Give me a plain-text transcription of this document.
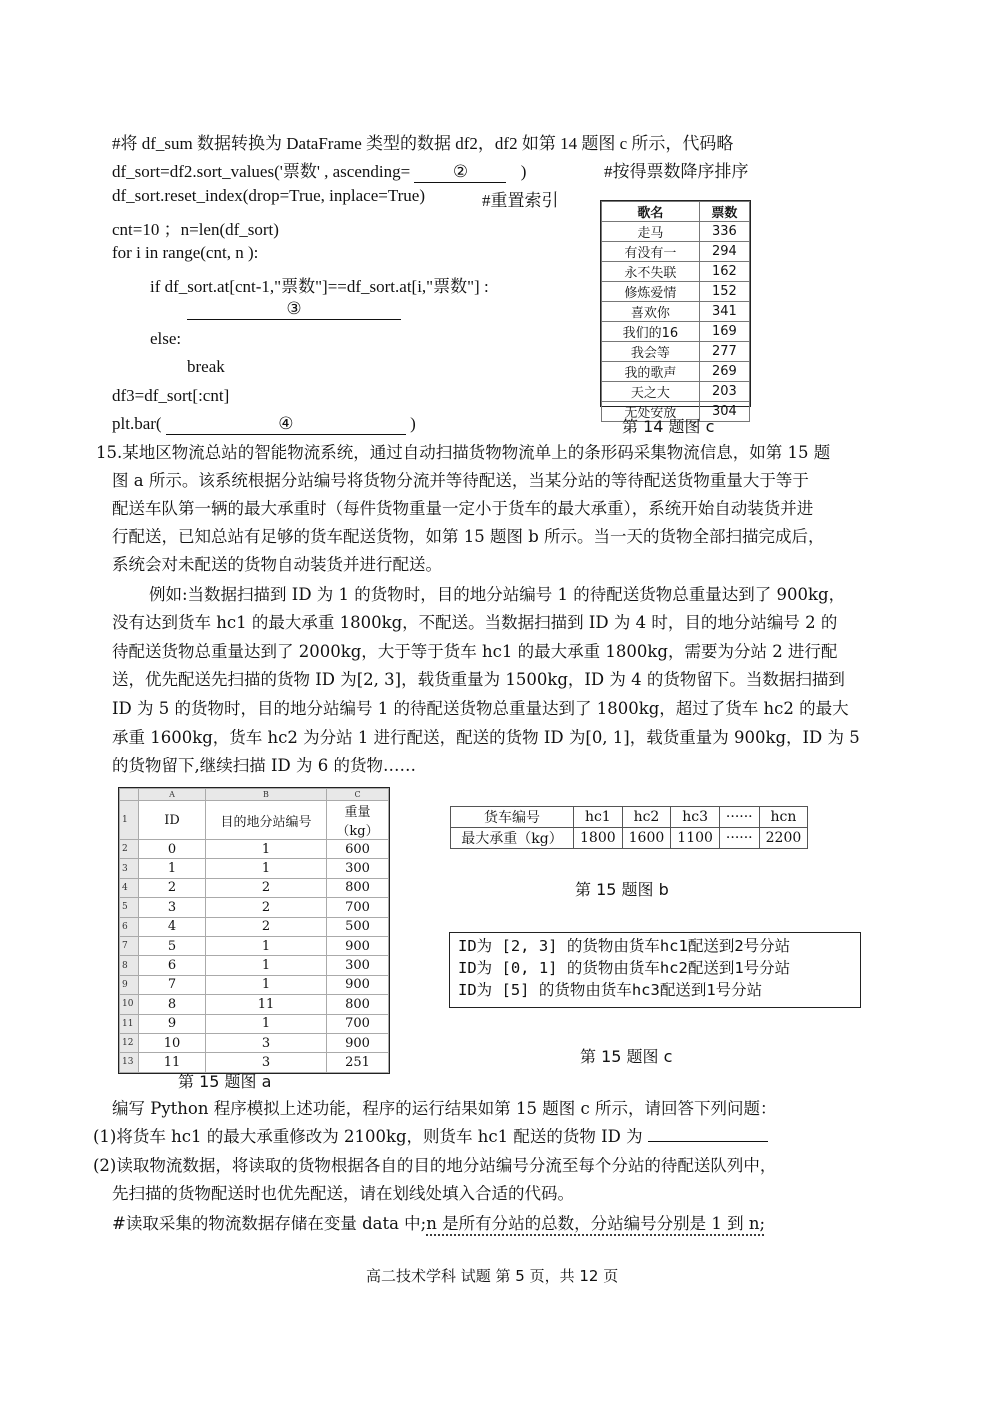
#将 df_sum 数据转换为 DataFrame 类型的数据 df2，df2 如第 14 题图 c 所示，代码略
df_sort=df2.sort_values('票数' , ascending=	②	)	#按得票数降序排序
df_sort.reset_index(drop=True, inplace=True)	#重置索引
cnt=10 ；n=len(df_sort)
for i in range(cnt, n ):
if df_sort.at[cnt-1,"票数"]==df_sort.at[i,"票数"] :
③
else:
break
df3=df_sort[:cnt]
plt.bar(	④	)
歌名	票数
走马	336
有没有一	294
永不失联	162
修炼爱情	152
喜欢你	341
我们的16	169
我会等	277
我的歌声	269
天之大	203
无处安放	304
第 14 题图 c
15.某地区物流总站的智能物流系统，通过自动扫描货物物流单上的条形码采集物流信息，如第 15 题
图 a 所示。该系统根据分站编号将货物分流并等待配送，当某分站的等待配送货物重量大于等于
配送车队第一辆的最大承重时（每件货物重量一定小于货车的最大承重），系统开始自动装货并进
行配送，已知总站有足够的货车配送货物，如第 15 题图 b 所示。当一天的货物全部扫描完成后，
系统会对未配送的货物自动装货并进行配送。
例如:当数据扫描到 ID 为 1 的货物时，目的地分站编号 1 的待配送货物总重量达到了 900kg，
没有达到货车 hc1 的最大承重 1800kg，不配送。当数据扫描到 ID 为 4 时，目的地分站编号 2 的
待配送货物总重量达到了 2000kg，大于等于货车 hc1 的最大承重 1800kg，需要为分站 2 进行配
送，优先配送先扫描的货物 ID 为[2, 3]，载货重量为 1500kg，ID 为 4 的货物留下。当数据扫描到
ID 为 5 的货物时，目的地分站编号 1 的待配送货物总重量达到了 1800kg，超过了货车 hc2 的最大
承重 1600kg，货车 hc2 为分站 1 进行配送，配送的货物 ID 为[0, 1]，载货重量为 900kg，ID 为 5
的货物留下,继续扫描 ID 为 6 的货物……
	A	B	C
1	ID	目的地分站编号	重量（kg）
2	0	1	600
3	1	1	300
4	2	2	800
5	3	2	700
6	4	2	500
7	5	1	900
8	6	1	300
9	7	1	900
10	8	11	800
11	9	1	700
12	10	3	900
13	11	3	251
第 15 题图 a
货车编号	hc1	hc2	hc3	······	hcn
最大承重（kg）	1800	1600	1100	······	2200
第 15 题图 b
ID为 [2, 3] 的货物由货车hc1配送到2号分站
ID为 [0, 1] 的货物由货车hc2配送到1号分站
ID为 [5] 的货物由货车hc3配送到1号分站
第 15 题图 c
编写 Python 程序模拟上述功能，程序的运行结果如第 15 题图 c 所示，请回答下列问题：
(1)将货车 hc1 的最大承重修改为 2100kg，则货车 hc1 配送的货物 ID 为
(2)读取物流数据，将读取的货物根据各自的目的地分站编号分流至每个分站的待配送队列中，
先扫描的货物配送时也优先配送，请在划线处填入合适的代码。
#读取采集的物流数据存储在变量 data 中;n 是所有分站的总数，分站编号分别是 1 到 n;
高二技术学科 试题 第 5 页，共 12 页
